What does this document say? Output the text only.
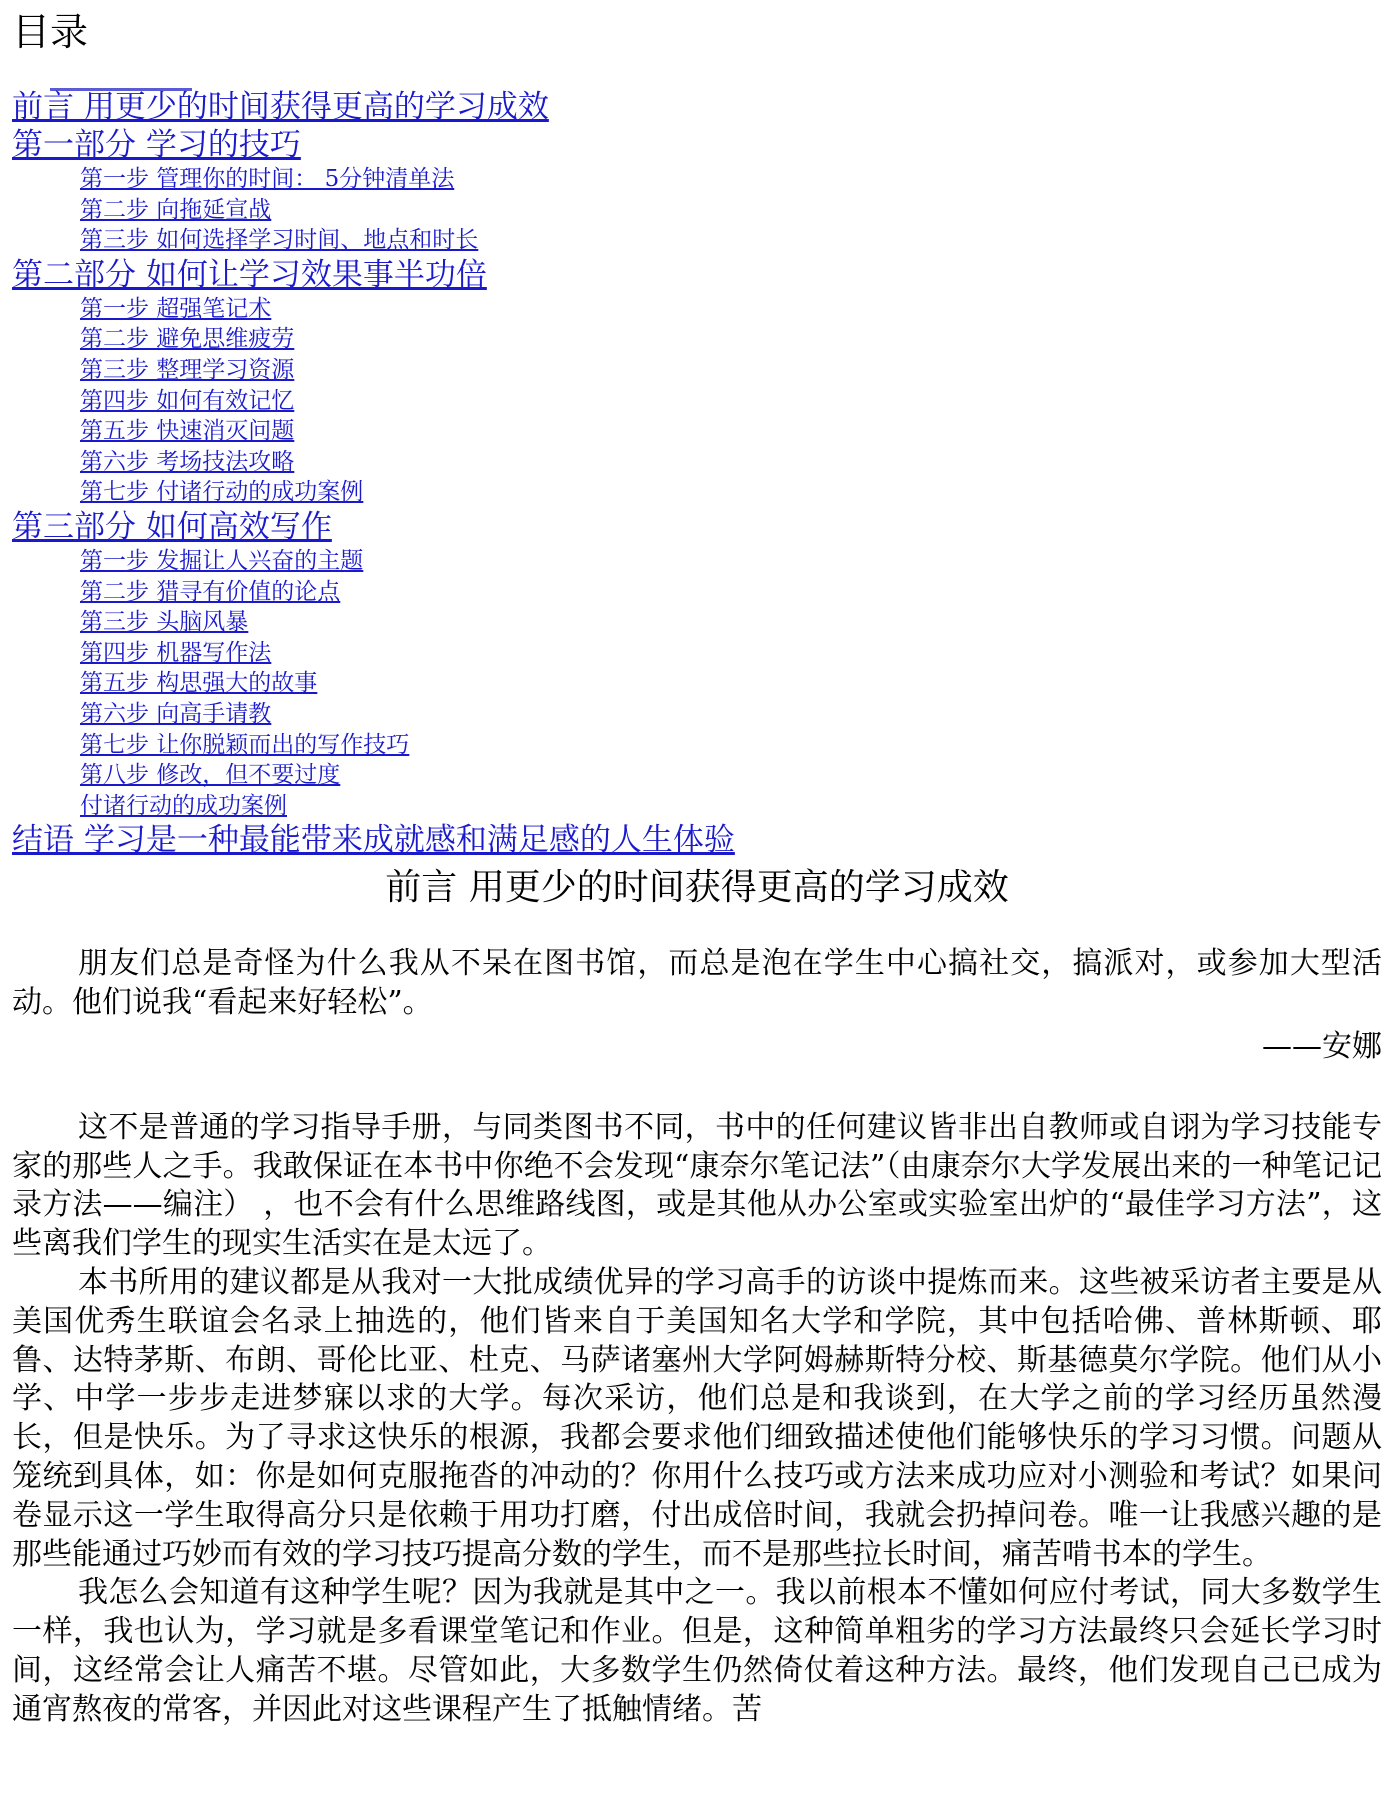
目录
前言 用更少的时间获得更高的学习成效
第一部分 学习的技巧
第一步 管理你的时间： 5分钟清单法
第二步 向拖延宣战
第三步 如何选择学习时间、地点和时长
第二部分 如何让学习效果事半功倍
第一步 超强笔记术
第二步 避免思维疲劳
第三步 整理学习资源
第四步 如何有效记忆
第五步 快速消灭问题
第六步 考场技法攻略
第七步 付诸行动的成功案例
第三部分 如何高效写作
第一步 发掘让人兴奋的主题
第二步 猎寻有价值的论点
第三步 头脑风暴
第四步 机器写作法
第五步 构思强大的故事
第六步 向高手请教
第七步 让你脱颖而出的写作技巧
第八步 修改，但不要过度
付诸行动的成功案例
结语 学习是一种最能带来成就感和满足感的人生体验
前言 用更少的时间获得更高的学习成效

朋友们总是奇怪为什么我从不呆在图书馆，而总是泡在学生中心搞社交，搞派对，或参加大型活动。他们说我“看起来好轻松”。

——安娜

这不是普通的学习指导手册，与同类图书不同，书中的任何建议皆非出自教师或自诩为学习技能专家的那些人之手。我敢保证在本书中你绝不会发现“康奈尔笔记法”（由康奈尔大学发展出来的一种笔记记录方法——编注） ，也不会有什么思维路线图，或是其他从办公室或实验室出炉的“最佳学习方法”，这些离我们学生的现实生活实在是太远了。

本书所用的建议都是从我对一大批成绩优异的学习高手的访谈中提炼而来。这些被采访者主要是从美国优秀生联谊会名录上抽选的，他们皆来自于美国知名大学和学院，其中包括哈佛、普林斯顿、耶鲁、达特茅斯、布朗、哥伦比亚、杜克、马萨诸塞州大学阿姆赫斯特分校、斯基德莫尔学院。他们从小学、中学一步步走进梦寐以求的大学。每次采访，他们总是和我谈到，在大学之前的学习经历虽然漫长，但是快乐。为了寻求这快乐的根源，我都会要求他们细致描述使他们能够快乐的学习习惯。问题从笼统到具体，如：你是如何克服拖沓的冲动的？你用什么技巧或方法来成功应对小测验和考试？如果问卷显示这一学生取得高分只是依赖于用功打磨，付出成倍时间，我就会扔掉问卷。唯一让我感兴趣的是那些能通过巧妙而有效的学习技巧提高分数的学生，而不是那些拉长时间，痛苦啃书本的学生。

我怎么会知道有这种学生呢？因为我就是其中之一。我以前根本不懂如何应付考试，同大多数学生一样，我也认为，学习就是多看课堂笔记和作业。但是，这种简单粗劣的学习方法最终只会延长学习时间，这经常会让人痛苦不堪。尽管如此，大多数学生仍然倚仗着这种方法。最终，他们发现自己已成为通宵熬夜的常客，并因此对这些课程产生了抵触情绪。苦
